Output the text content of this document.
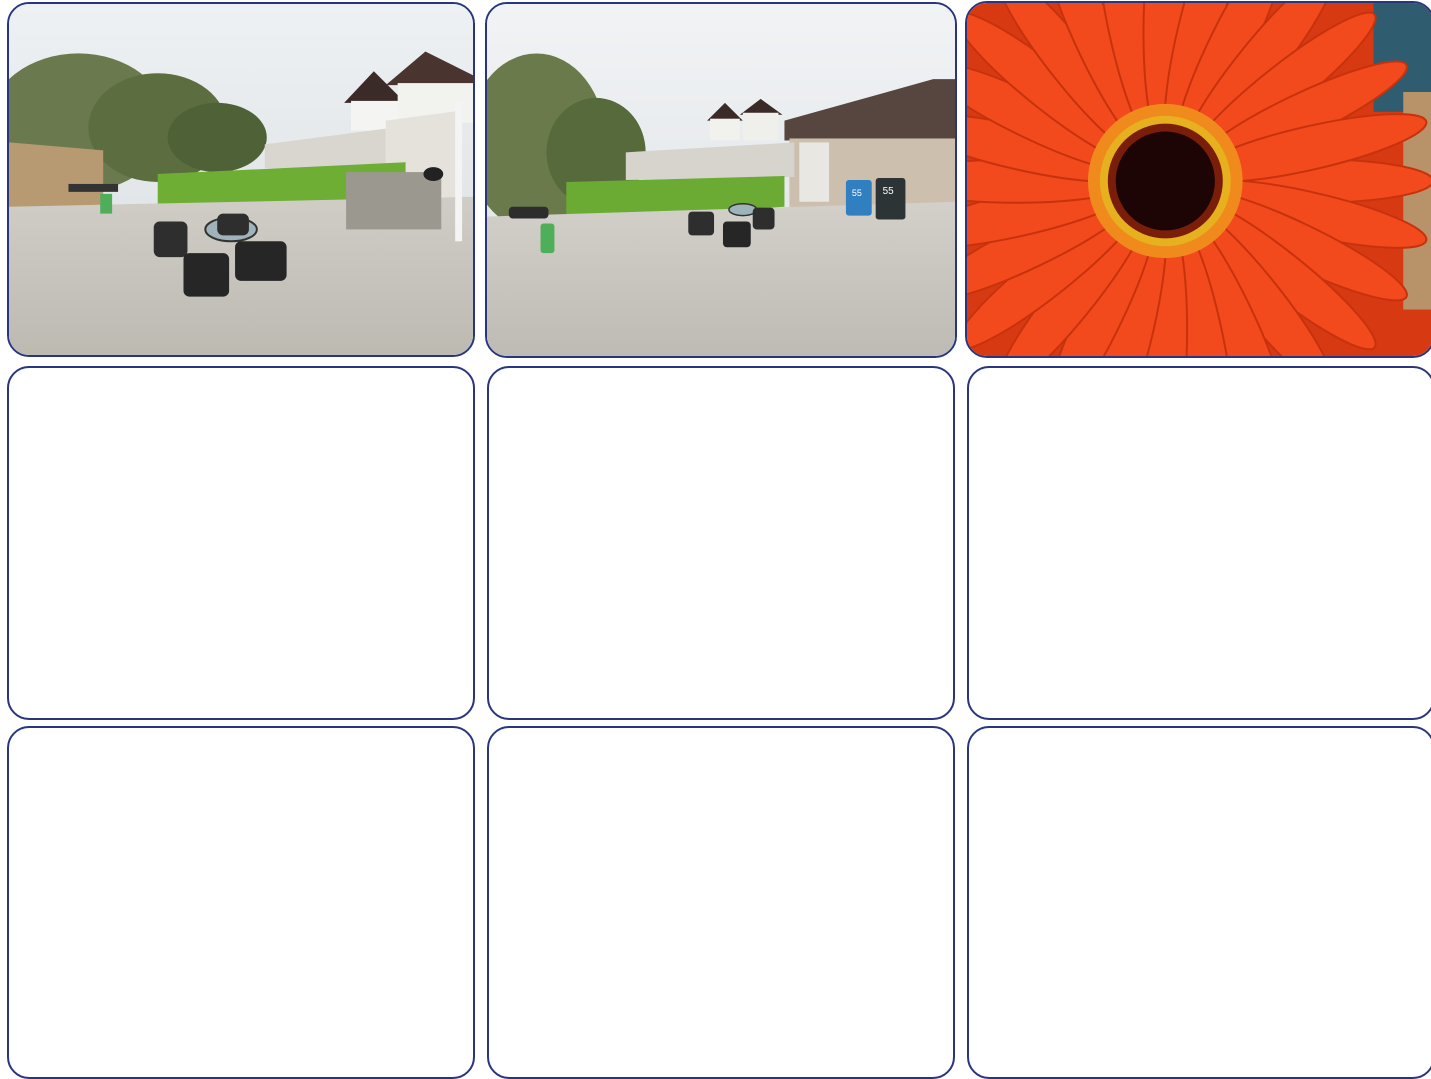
55 55
